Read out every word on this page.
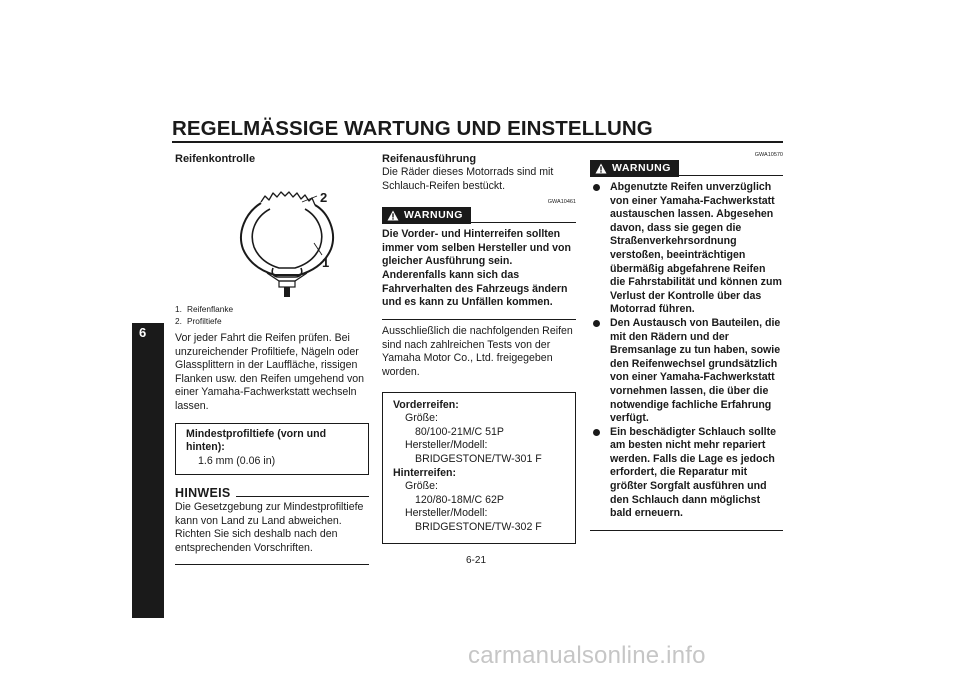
REGELMÄSSIGE WARTUNG UND EINSTELLUNG
6
Reifenkontrolle
2
1
1. Reifenflanke
2. Profiltiefe
Vor jeder Fahrt die Reifen prüfen. Bei unzureichender Profiltiefe, Nägeln oder Glassplittern in der Lauffläche, rissigen Flanken usw. den Reifen umgehend von einer Yamaha-Fachwerkstatt wechseln lassen.
Mindestprofiltiefe (vorn und hinten):
1.6 mm (0.06 in)
HINWEIS
Die Gesetzgebung zur Mindestprofiltiefe kann von Land zu Land abweichen. Richten Sie sich deshalb nach den entsprechenden Vorschriften.
Reifenausführung
Die Räder dieses Motorrads sind mit Schlauch-Reifen bestückt.
GWA10461
WARNUNG
Die Vorder- und Hinterreifen sollten immer vom selben Hersteller und von gleicher Ausführung sein. Anderenfalls kann sich das Fahrverhalten des Fahrzeugs ändern und es kann zu Unfällen kommen.
Ausschließlich die nachfolgenden Reifen sind nach zahlreichen Tests von der Yamaha Motor Co., Ltd. freigegeben worden.
Vorderreifen:
Größe:
80/100-21M/C 51P
Hersteller/Modell:
BRIDGESTONE/TW-301 F
Hinterreifen:
Größe:
120/80-18M/C 62P
Hersteller/Modell:
BRIDGESTONE/TW-302 F
GWA10570
WARNUNG
Abgenutzte Reifen unverzüglich von einer Yamaha-Fachwerkstatt austauschen lassen. Abgesehen davon, dass sie gegen die Straßenverkehrsordnung verstoßen, beeinträchtigen übermäßig abgefahrene Reifen die Fahrstabilität und können zum Verlust der Kontrolle über das Motorrad führen.
Den Austausch von Bauteilen, die mit den Rädern und der Bremsanlage zu tun haben, sowie den Reifenwechsel grundsätzlich von einer Yamaha-Fachwerkstatt vornehmen lassen, die über die notwendige fachliche Erfahrung verfügt.
Ein beschädigter Schlauch sollte am besten nicht mehr repariert werden. Falls die Lage es jedoch erfordert, die Reparatur mit größter Sorgfalt ausführen und den Schlauch dann möglichst bald erneuern.
6-21
carmanualsonline.info
